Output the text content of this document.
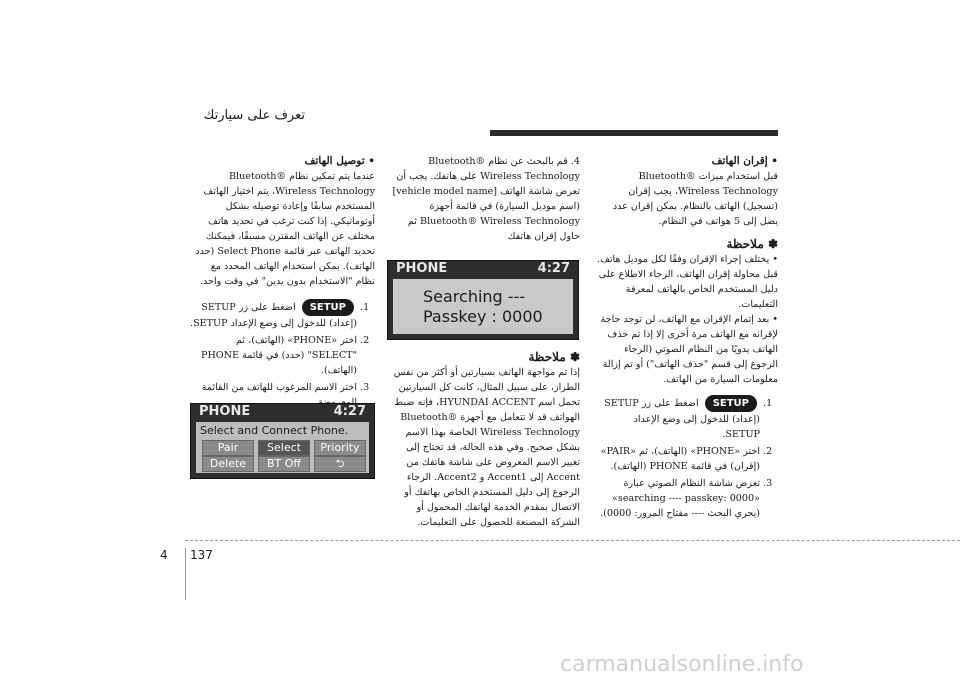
تعرف على سيارتك

• إقران الهاتف

قبل استخدام ميزات Bluetooth® Wireless Technology، يجب إقران (تسجيل) الهاتف بالنظام. يمكن إقران عدد يصل إلى 5 هواتف في النظام.

✽ ملاحظة

• يختلف إجراء الإقران وفقًا لكل موديل هاتف. قبل محاولة إقران الهاتف، الرجاء الاطلاع على دليل المستخدم الخاص بالهاتف لمعرفة التعليمات.

• بعد إتمام الإقران مع الهاتف، لن توجد حاجة لإقرانه مع الهاتف مرة أخرى إلا إذا تم حذف الهاتف يدويًا من النظام الصوتي (الرجاء الرجوع إلى قسم "حذف الهاتف") أو تم إزالة معلومات السيارة من الهاتف.

1. SETUP اضغط على زر SETUP (إعداد) للدخول إلى وضع الإعداد SETUP.
2. اختر «PHONE» (الهاتف)، ثم «PAIR» (إقران) في قائمة PHONE (الهاتف).
3. تعرض شاشة النظام الصوتي عبارة «searching ---- passkey: 0000» (يجري البحث ---- مفتاح المرور: 0000).

4. قم بالبحث عن نظام Bluetooth® Wireless Technology على هاتفك. يجب أن تعرض شاشة الهاتف [vehicle model name] (اسم موديل السيارة) في قائمة أجهزة Bluetooth® Wireless Technology ثم حاول إقران هاتفك

PHONE	4:27
Searching ---
Passkey : 0000

✽ ملاحظة

إذا تم مواجهة الهاتف بسيارتين أو أكثر من نفس الطراز، على سبيل المثال، كانت كل السيارتين تحمل اسم HYUNDAI ACCENT، فإنه ضبط الهواتف قد لا تتعامل مع أجهزة Bluetooth® Wireless Technology الخاصة بهذا الاسم بشكل صحيح. وفي هذه الحالة، قد تحتاج إلى تغيير الاسم المعروض على شاشة هاتفك من Accent إلى Accent1 و Accent2. الرجاء الرجوع إلى دليل المستخدم الخاص بهاتفك أو الاتصال بمقدم الخدمة لهاتفك المحمول أو الشركة المصنعة للحصول على التعليمات.

• توصيل الهاتف

عندما يتم تمكين نظام Bluetooth® Wireless Technology، يتم اختيار الهاتف المستخدم سابقًا وإعادة توصيله بشكل أوتوماتيكي. إذا كنت ترغب في تحديد هاتف مختلف عن الهاتف المقترن مسبقًا، فيمكنك تحديد الهاتف عبر قائمة Select Phone (حدد الهاتف). يمكن استخدام الهاتف المحدد مع نظام "الاستخدام بدون يدين" في وقت واحد.

1. SETUP اضغط على زر SETUP (إعداد) للدخول إلى وضع الإعداد SETUP.
2. اختر «PHONE» (الهاتف)، ثم "SELECT" (حدد) في قائمة PHONE (الهاتف).
3. اختر الاسم المرغوب للهاتف من القائمة
PHONE	4:27
Select and Connect Phone.
Pair	Select	Priority
Delete	BT Off	⮌
4 137
carmanualsonline.info
